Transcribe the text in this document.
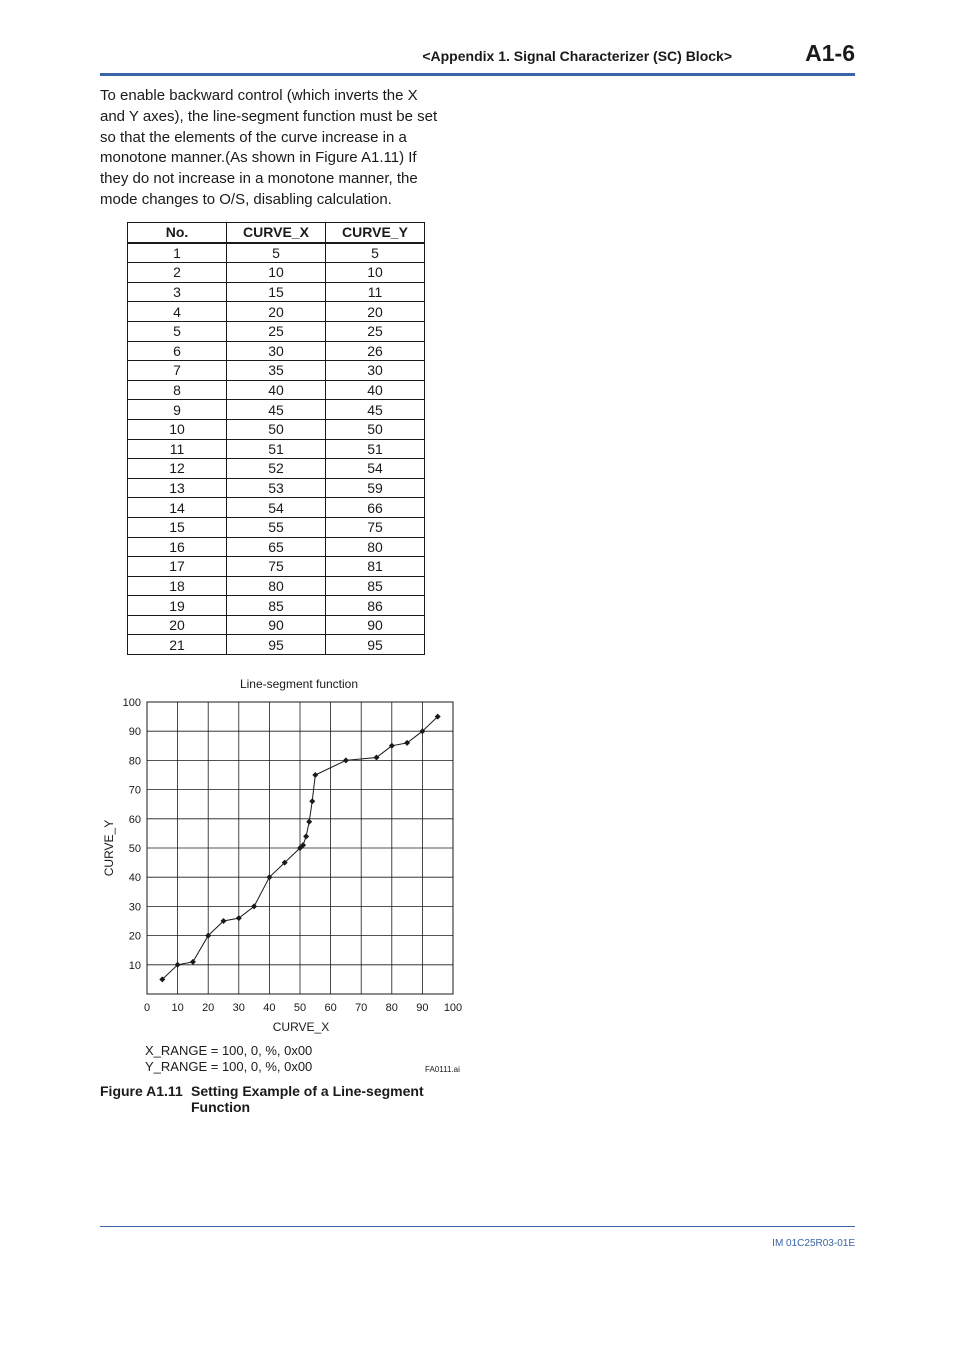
<Appendix 1. Signal Characterizer (SC) Block>	A1-6

To enable backward control (which inverts the X and Y axes), the line-segment function must be set so that the elements of the curve increase in a monotone manner.(As shown in Figure A1.11) If they do not increase in a monotone manner, the mode changes to O/S, disabling calculation.

No.	CURVE_X	CURVE_Y
1	5	5
2	10	10
3	15	11
4	20	20
5	25	25
6	30	26
7	35	30
8	40	40
9	45	45
10	50	50
11	51	51
12	52	54
13	53	59
14	54	66
15	55	75
16	65	80
17	75	81
18	80	85
19	85	86
20	90	90
21	95	95
Line-segment function
0 10 20 30 40 50 60 70 80 90 100
10
20
30
40
50
60
70
80
90
100
CURVE_X
CURVE_Y
X_RANGE = 100, 0, %, 0x00
Y_RANGE = 100, 0, %, 0x00	FA0111.ai
Figure A1.11 Setting Example of a Line-segment Function
IM 01C25R03-01E
